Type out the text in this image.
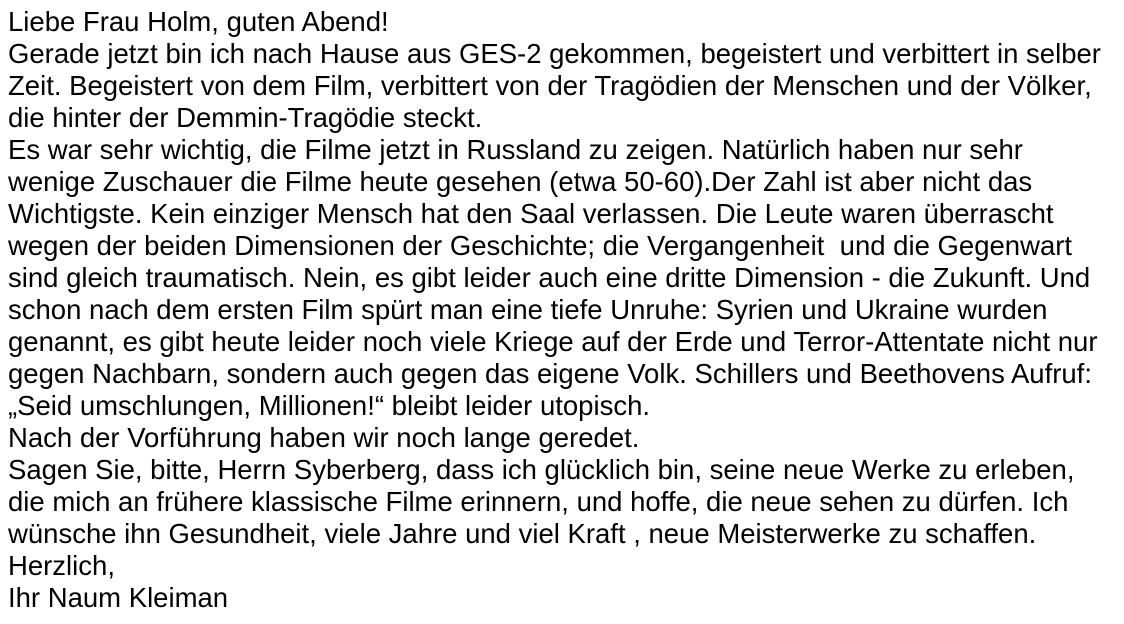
Liebe Frau Holm, guten Abend!
Gerade jetzt bin ich nach Hause aus GES-2 gekommen, begeistert und verbittert in selber
Zeit. Begeistert von dem Film, verbittert von der Tragödien der Menschen und der Völker,
die hinter der Demmin-Tragödie steckt.
Es war sehr wichtig, die Filme jetzt in Russland zu zeigen. Natürlich haben nur sehr
wenige Zuschauer die Filme heute gesehen (etwa 50-60).Der Zahl ist aber nicht das
Wichtigste. Kein einziger Mensch hat den Saal verlassen. Die Leute waren überrascht
wegen der beiden Dimensionen der Geschichte; die Vergangenheit  und die Gegenwart
sind gleich traumatisch. Nein, es gibt leider auch eine dritte Dimension - die Zukunft. Und
schon nach dem ersten Film spürt man eine tiefe Unruhe: Syrien und Ukraine wurden
genannt, es gibt heute leider noch viele Kriege auf der Erde und Terror-Attentate nicht nur
gegen Nachbarn, sondern auch gegen das eigene Volk. Schillers und Beethovens Aufruf:
„Seid umschlungen, Millionen!“ bleibt leider utopisch.
Nach der Vorführung haben wir noch lange geredet.
Sagen Sie, bitte, Herrn Syberberg, dass ich glücklich bin, seine neue Werke zu erleben,
die mich an frühere klassische Filme erinnern, und hoffe, die neue sehen zu dürfen. Ich
wünsche ihn Gesundheit, viele Jahre und viel Kraft , neue Meisterwerke zu schaffen.
Herzlich,
Ihr Naum Kleiman
